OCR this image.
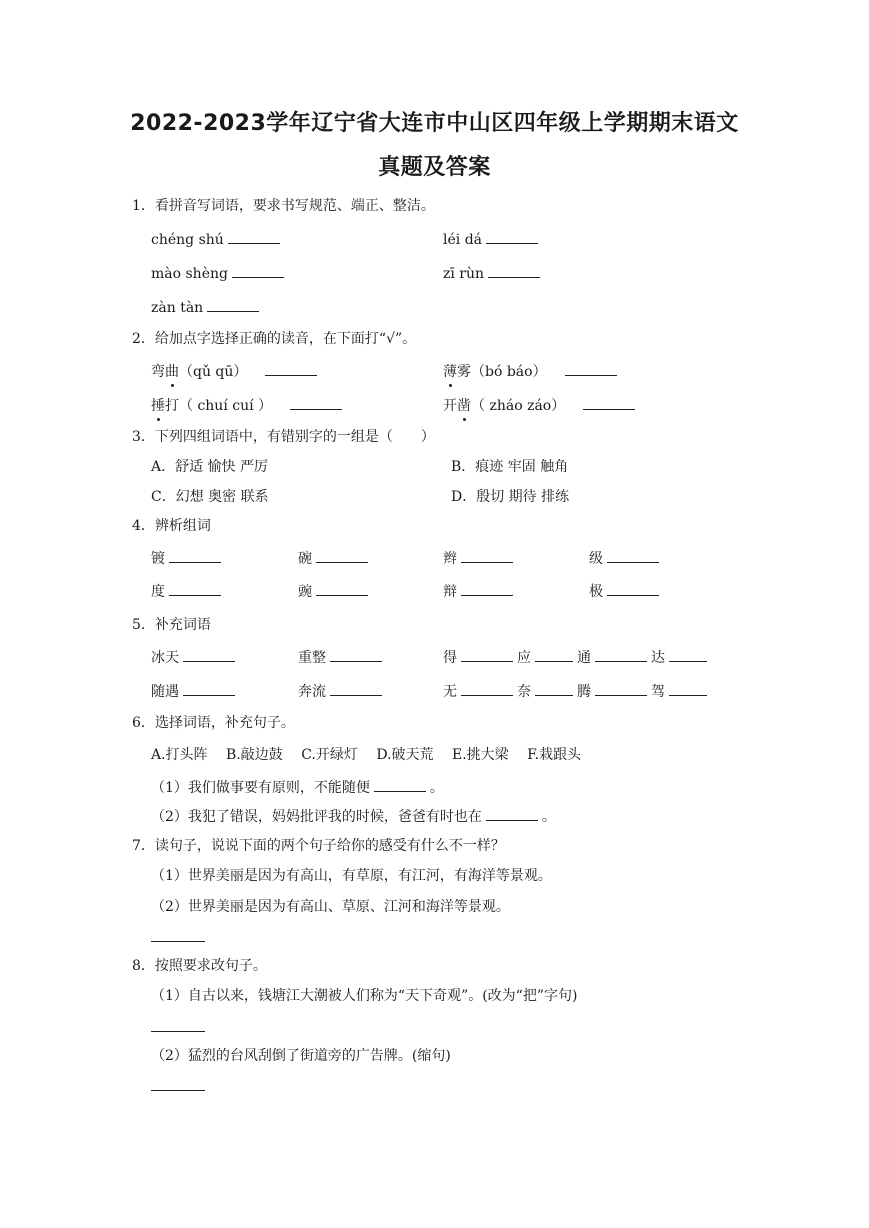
2022-2023学年辽宁省大连市中山区四年级上学期期末语文
真题及答案
1．看拼音写词语，要求书写规范、端正、整洁。
chéng shú	léi dá
mào shèng	zī rùn
zàn tàn
2．给加点字选择正确的读音，在下面打“√”。
弯曲（qǔ qū）	薄雾（bó báo）
捶打（ chuí cuí ）	开凿（ zháo záo）
3．下列四组词语中，有错别字的一组是（　　）
A．舒适 愉快 严厉	B．痕迹 牢固 触角
C．幻想 奥密 联系	D．殷切 期待 排练
4．辨析组词
镀	碗	辫	级
度	豌	辩	极
5．补充词语
冰天	重整	得	应	通	达
随遇	奔流	无	奈	腾	驾
6．选择词语，补充句子。
A.打头阵 B.敲边鼓 C.开绿灯 D.破天荒 E.挑大梁 F.栽跟头
（1）我们做事要有原则，不能随便	。
（2）我犯了错误，妈妈批评我的时候，爸爸有时也在	。
7．读句子，说说下面的两个句子给你的感受有什么不一样？
（1）世界美丽是因为有高山，有草原，有江河，有海洋等景观。
（2）世界美丽是因为有高山、草原、江河和海洋等景观。
8．按照要求改句子。
（1）自古以来，钱塘江大潮被人们称为“天下奇观”。(改为“把”字句)
（2）猛烈的台风刮倒了街道旁的广告牌。(缩句)
